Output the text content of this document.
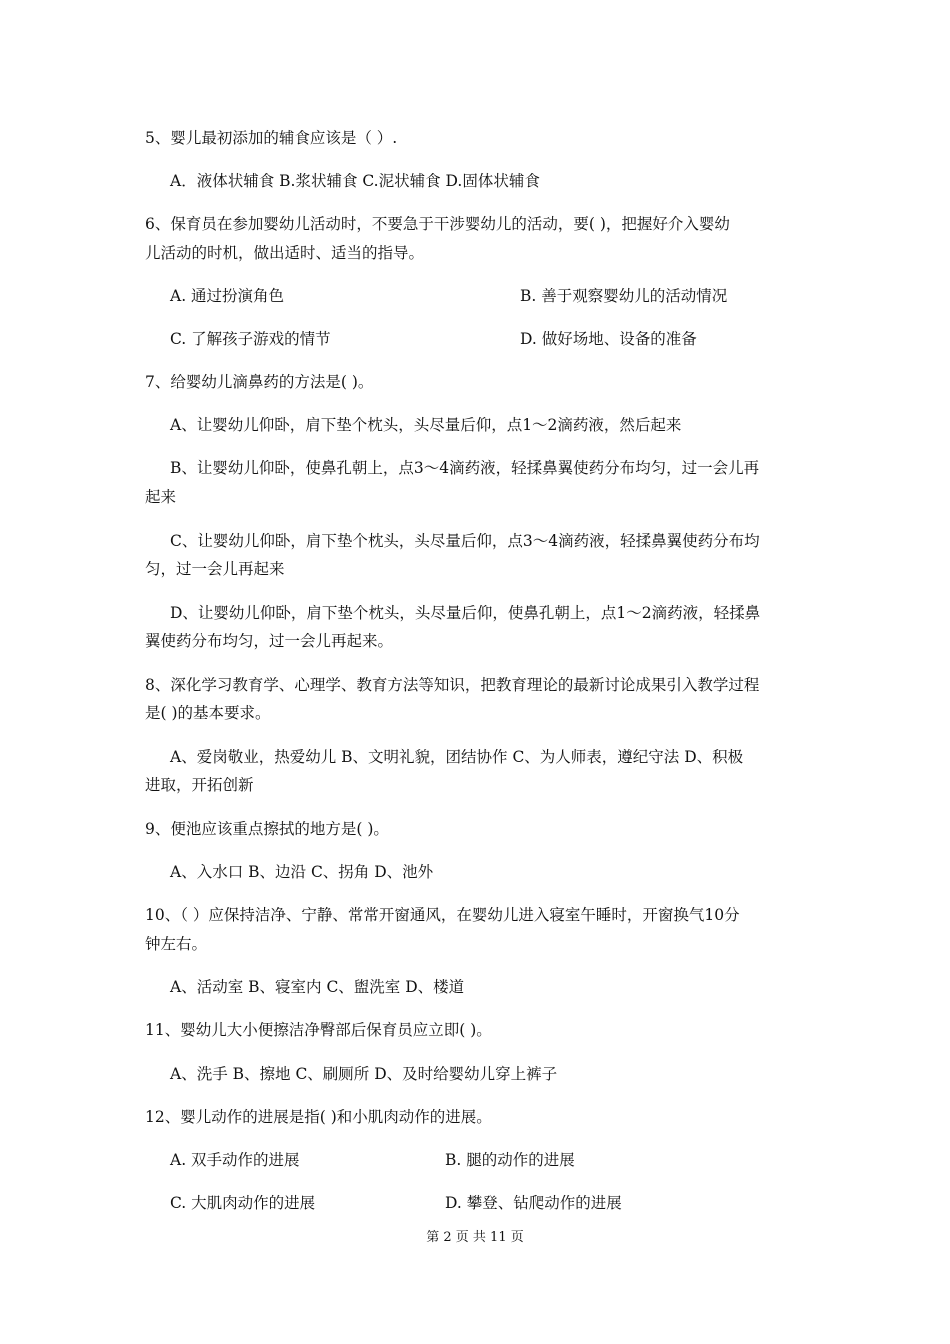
5、婴儿最初添加的辅食应该是（ ）.
A．液体状辅食 B.浆状辅食 C.泥状辅食 D.固体状辅食
6、保育员在参加婴幼儿活动时，不要急于干涉婴幼儿的活动，要( )，把握好介入婴幼
儿活动的时机，做出适时、适当的指导。
A. 通过扮演角色	B. 善于观察婴幼儿的活动情况
C. 了解孩子游戏的情节	D. 做好场地、设备的准备
7、给婴幼儿滴鼻药的方法是( )。
A、让婴幼儿仰卧，肩下垫个枕头，头尽量后仰，点1～2滴药液，然后起来
B、让婴幼儿仰卧，使鼻孔朝上，点3～4滴药液，轻揉鼻翼使药分布均匀，过一会儿再
起来
C、让婴幼儿仰卧，肩下垫个枕头，头尽量后仰，点3～4滴药液，轻揉鼻翼使药分布均
匀，过一会儿再起来
D、让婴幼儿仰卧，肩下垫个枕头，头尽量后仰，使鼻孔朝上，点1～2滴药液，轻揉鼻
翼使药分布均匀，过一会儿再起来。
8、深化学习教育学、心理学、教育方法等知识，把教育理论的最新讨论成果引入教学过程
是( )的基本要求。
A、爱岗敬业，热爱幼儿 B、文明礼貌，团结协作 C、为人师表，遵纪守法 D、积极
进取，开拓创新
9、便池应该重点擦拭的地方是( )。
A、入水口 B、边沿 C、拐角 D、池外
10、（ ）应保持洁净、宁静、常常开窗通风，在婴幼儿进入寝室午睡时，开窗换气10分
钟左右。
A、活动室 B、寝室内 C、盥洗室 D、楼道
11、婴幼儿大小便擦洁净臀部后保育员应立即( )。
A、洗手 B、擦地 C、刷厕所 D、及时给婴幼儿穿上裤子
12、婴儿动作的进展是指( )和小肌肉动作的进展。
A. 双手动作的进展	B. 腿的动作的进展
C. 大肌肉动作的进展	D. 攀登、钻爬动作的进展
第 2 页 共 11 页
